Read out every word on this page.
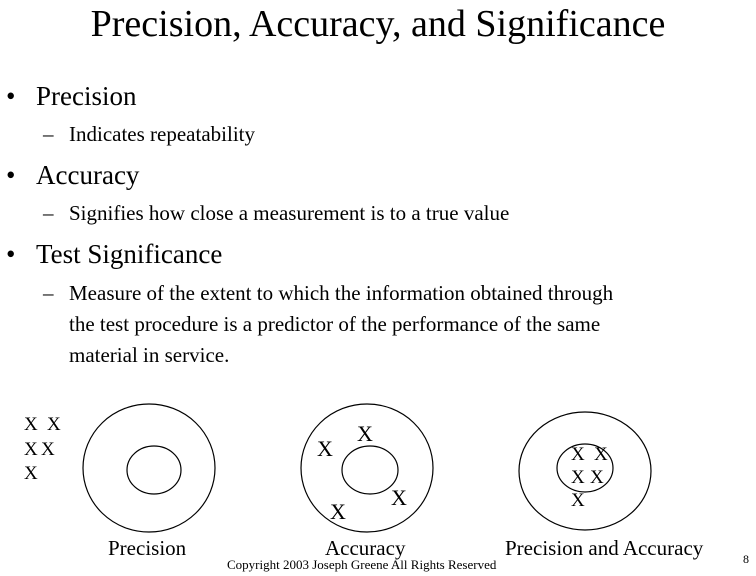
Precision, Accuracy, and Significance
• Precision
– Indicates repeatability
• Accuracy
– Signifies how close a measurement is to a true value
• Test Significance
– Measure of the extent to which the information obtained through
the test procedure is a predictor of the performance of the same
material in service.
X X
X X
X
X
X
X
X
X X
X X
X
Precision	Accuracy	Precision and Accuracy
Copyright 2003 Joseph Greene All Rights Reserved	8
